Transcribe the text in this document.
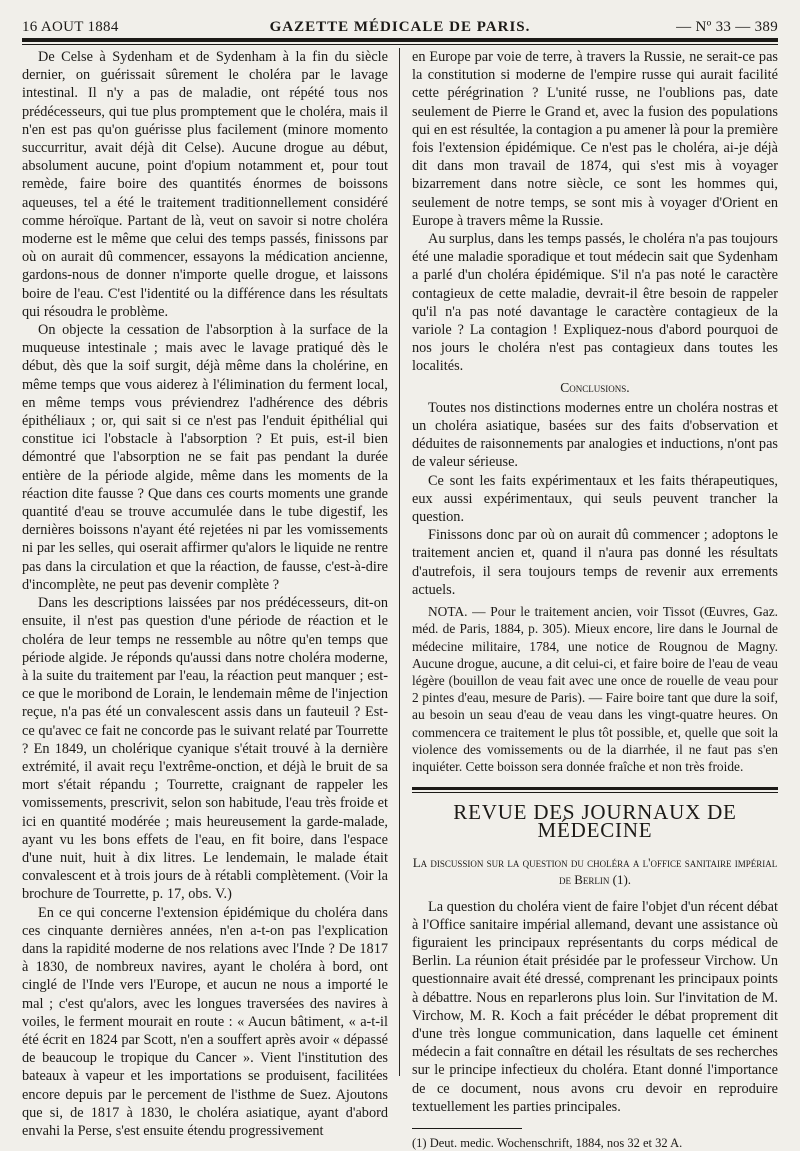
16 AOUT 1884	GAZETTE MÉDICALE DE PARIS.	— Nº 33 — 389

De Celse à Sydenham et de Sydenham à la fin du siècle dernier, on guérissait sûrement le choléra par le lavage intestinal. Il n'y a pas de maladie, ont répété tous nos prédécesseurs, qui tue plus promptement que le choléra, mais il n'en est pas qu'on guérisse plus facilement (minore momento succurritur, avait déjà dit Celse). Aucune drogue au début, absolument aucune, point d'opium notamment et, pour tout remède, faire boire des quantités énormes de boissons aqueuses, tel a été le traitement traditionnellement considéré comme héroïque. Partant de là, veut on savoir si notre choléra moderne est le même que celui des temps passés, finissons par où on aurait dû commencer, essayons la médication ancienne, gardons-nous de donner n'importe quelle drogue, et laissons boire de l'eau. C'est l'identité ou la différence dans les résultats qui résoudra le problème.

On objecte la cessation de l'absorption à la surface de la muqueuse intestinale ; mais avec le lavage pratiqué dès le début, dès que la soif surgit, déjà même dans la cholérine, en même temps que vous aiderez à l'élimination du ferment local, en même temps vous préviendrez l'adhérence des débris épithéliaux ; or, qui sait si ce n'est pas l'enduit épithélial qui constitue ici l'obstacle à l'absorption ? Et puis, est-il bien démontré que l'absorption ne se fait pas pendant la durée entière de la période algide, même dans les moments de la réaction dite fausse ? Que dans ces courts moments une grande quantité d'eau se trouve accumulée dans le tube digestif, les dernières boissons n'ayant été rejetées ni par les vomissements ni par les selles, qui oserait affirmer qu'alors le liquide ne rentre pas dans la circulation et que la réaction, de fausse, c'est-à-dire d'incomplète, ne peut pas devenir complète ?

Dans les descriptions laissées par nos prédécesseurs, dit-on ensuite, il n'est pas question d'une période de réaction et le choléra de leur temps ne ressemble au nôtre qu'en temps que période algide. Je réponds qu'aussi dans notre choléra moderne, à la suite du traitement par l'eau, la réaction peut manquer ; est-ce que le moribond de Lorain, le lendemain même de l'injection reçue, n'a pas été un convalescent assis dans un fauteuil ? Est-ce qu'avec ce fait ne concorde pas le suivant relaté par Tourrette ? En 1849, un cholérique cyanique s'était trouvé à la dernière extrémité, il avait reçu l'extrême-onction, et déjà le bruit de sa mort s'était répandu ; Tourrette, craignant de rappeler les vomissements, prescrivit, selon son habitude, l'eau très froide et ici en quantité modérée ; mais heureusement la garde-malade, ayant vu les bons effets de l'eau, en fit boire, dans l'espace d'une nuit, huit à dix litres. Le lendemain, le malade était convalescent et à trois jours de à rétabli complètement. (Voir la brochure de Tourrette, p. 17, obs. V.)

En ce qui concerne l'extension épidémique du choléra dans ces cinquante dernières années, n'en a-t-on pas l'explication dans la rapidité moderne de nos relations avec l'Inde ? De 1817 à 1830, de nombreux navires, ayant le choléra à bord, ont cinglé de l'Inde vers l'Europe, et aucun ne nous a importé le mal ; c'est qu'alors, avec les longues traversées des navires à voiles, le ferment mourait en route : « Aucun bâtiment, « a-t-il été écrit en 1824 par Scott, n'en a souffert après avoir « dépassé de beaucoup le tropique du Cancer ». Vient l'institution des bateaux à vapeur et les importations se produisent, facilitées encore depuis par le percement de l'isthme de Suez. Ajoutons que si, de 1817 à 1830, le choléra asiatique, ayant d'abord envahi la Perse, s'est ensuite étendu progressivement

en Europe par voie de terre, à travers la Russie, ne serait-ce pas la constitution si moderne de l'empire russe qui aurait facilité cette pérégrination ? L'unité russe, ne l'oublions pas, date seulement de Pierre le Grand et, avec la fusion des populations qui en est résultée, la contagion a pu amener là pour la première fois l'extension épidémique. Ce n'est pas le choléra, ai-je déjà dit dans mon travail de 1874, qui s'est mis à voyager bizarrement dans notre siècle, ce sont les hommes qui, seulement de notre temps, se sont mis à voyager d'Orient en Europe à travers même la Russie.

Au surplus, dans les temps passés, le choléra n'a pas toujours été une maladie sporadique et tout médecin sait que Sydenham a parlé d'un choléra épidémique. S'il n'a pas noté le caractère contagieux de cette maladie, devrait-il être besoin de rappeler qu'il n'a pas noté davantage le caractère contagieux de la variole ? La contagion ! Expliquez-nous d'abord pourquoi de nos jours le choléra n'est pas contagieux dans toutes les localités.

Conclusions.

Toutes nos distinctions modernes entre un choléra nostras et un choléra asiatique, basées sur des faits d'observation et déduites de raisonnements par analogies et inductions, n'ont pas de valeur sérieuse.

Ce sont les faits expérimentaux et les faits thérapeutiques, eux aussi expérimentaux, qui seuls peuvent trancher la question.

Finissons donc par où on aurait dû commencer ; adoptons le traitement ancien et, quand il n'aura pas donné les résultats d'autrefois, il sera toujours temps de revenir aux errements actuels.

NOTA. — Pour le traitement ancien, voir Tissot (Œuvres, Gaz. méd. de Paris, 1884, p. 305). Mieux encore, lire dans le Journal de médecine militaire, 1784, une notice de Rougnou de Magny. Aucune drogue, aucune, a dit celui-ci, et faire boire de l'eau de veau légère (bouillon de veau fait avec une once de rouelle de veau pour 2 pintes d'eau, mesure de Paris). — Faire boire tant que dure la soif, au besoin un seau d'eau de veau dans les vingt-quatre heures. On commencera ce traitement le plus tôt possible, et, quelle que soit la violence des vomissements ou de la diarrhée, il ne faut pas s'en inquiéter. Cette boisson sera donnée fraîche et non très froide.

REVUE DES JOURNAUX DE MÉDECINE

La discussion sur la question du choléra a l'office sanitaire impérial de Berlin (1).

La question du choléra vient de faire l'objet d'un récent débat à l'Office sanitaire impérial allemand, devant une assistance où figuraient les principaux représentants du corps médical de Berlin. La réunion était présidée par le professeur Virchow. Un questionnaire avait été dressé, comprenant les principaux points à débattre. Nous en reparlerons plus loin. Sur l'invitation de M. Virchow, M. R. Koch a fait précéder le débat proprement dit d'une très longue communication, dans laquelle cet éminent médecin a fait connaître en détail les résultats de ses recherches sur le principe infectieux du choléra. Etant donné l'importance de ce document, nous avons cru devoir en reproduire textuellement les parties principales.

(1) Deut. medic. Wochenschrift, 1884, nos 32 et 32 A.
